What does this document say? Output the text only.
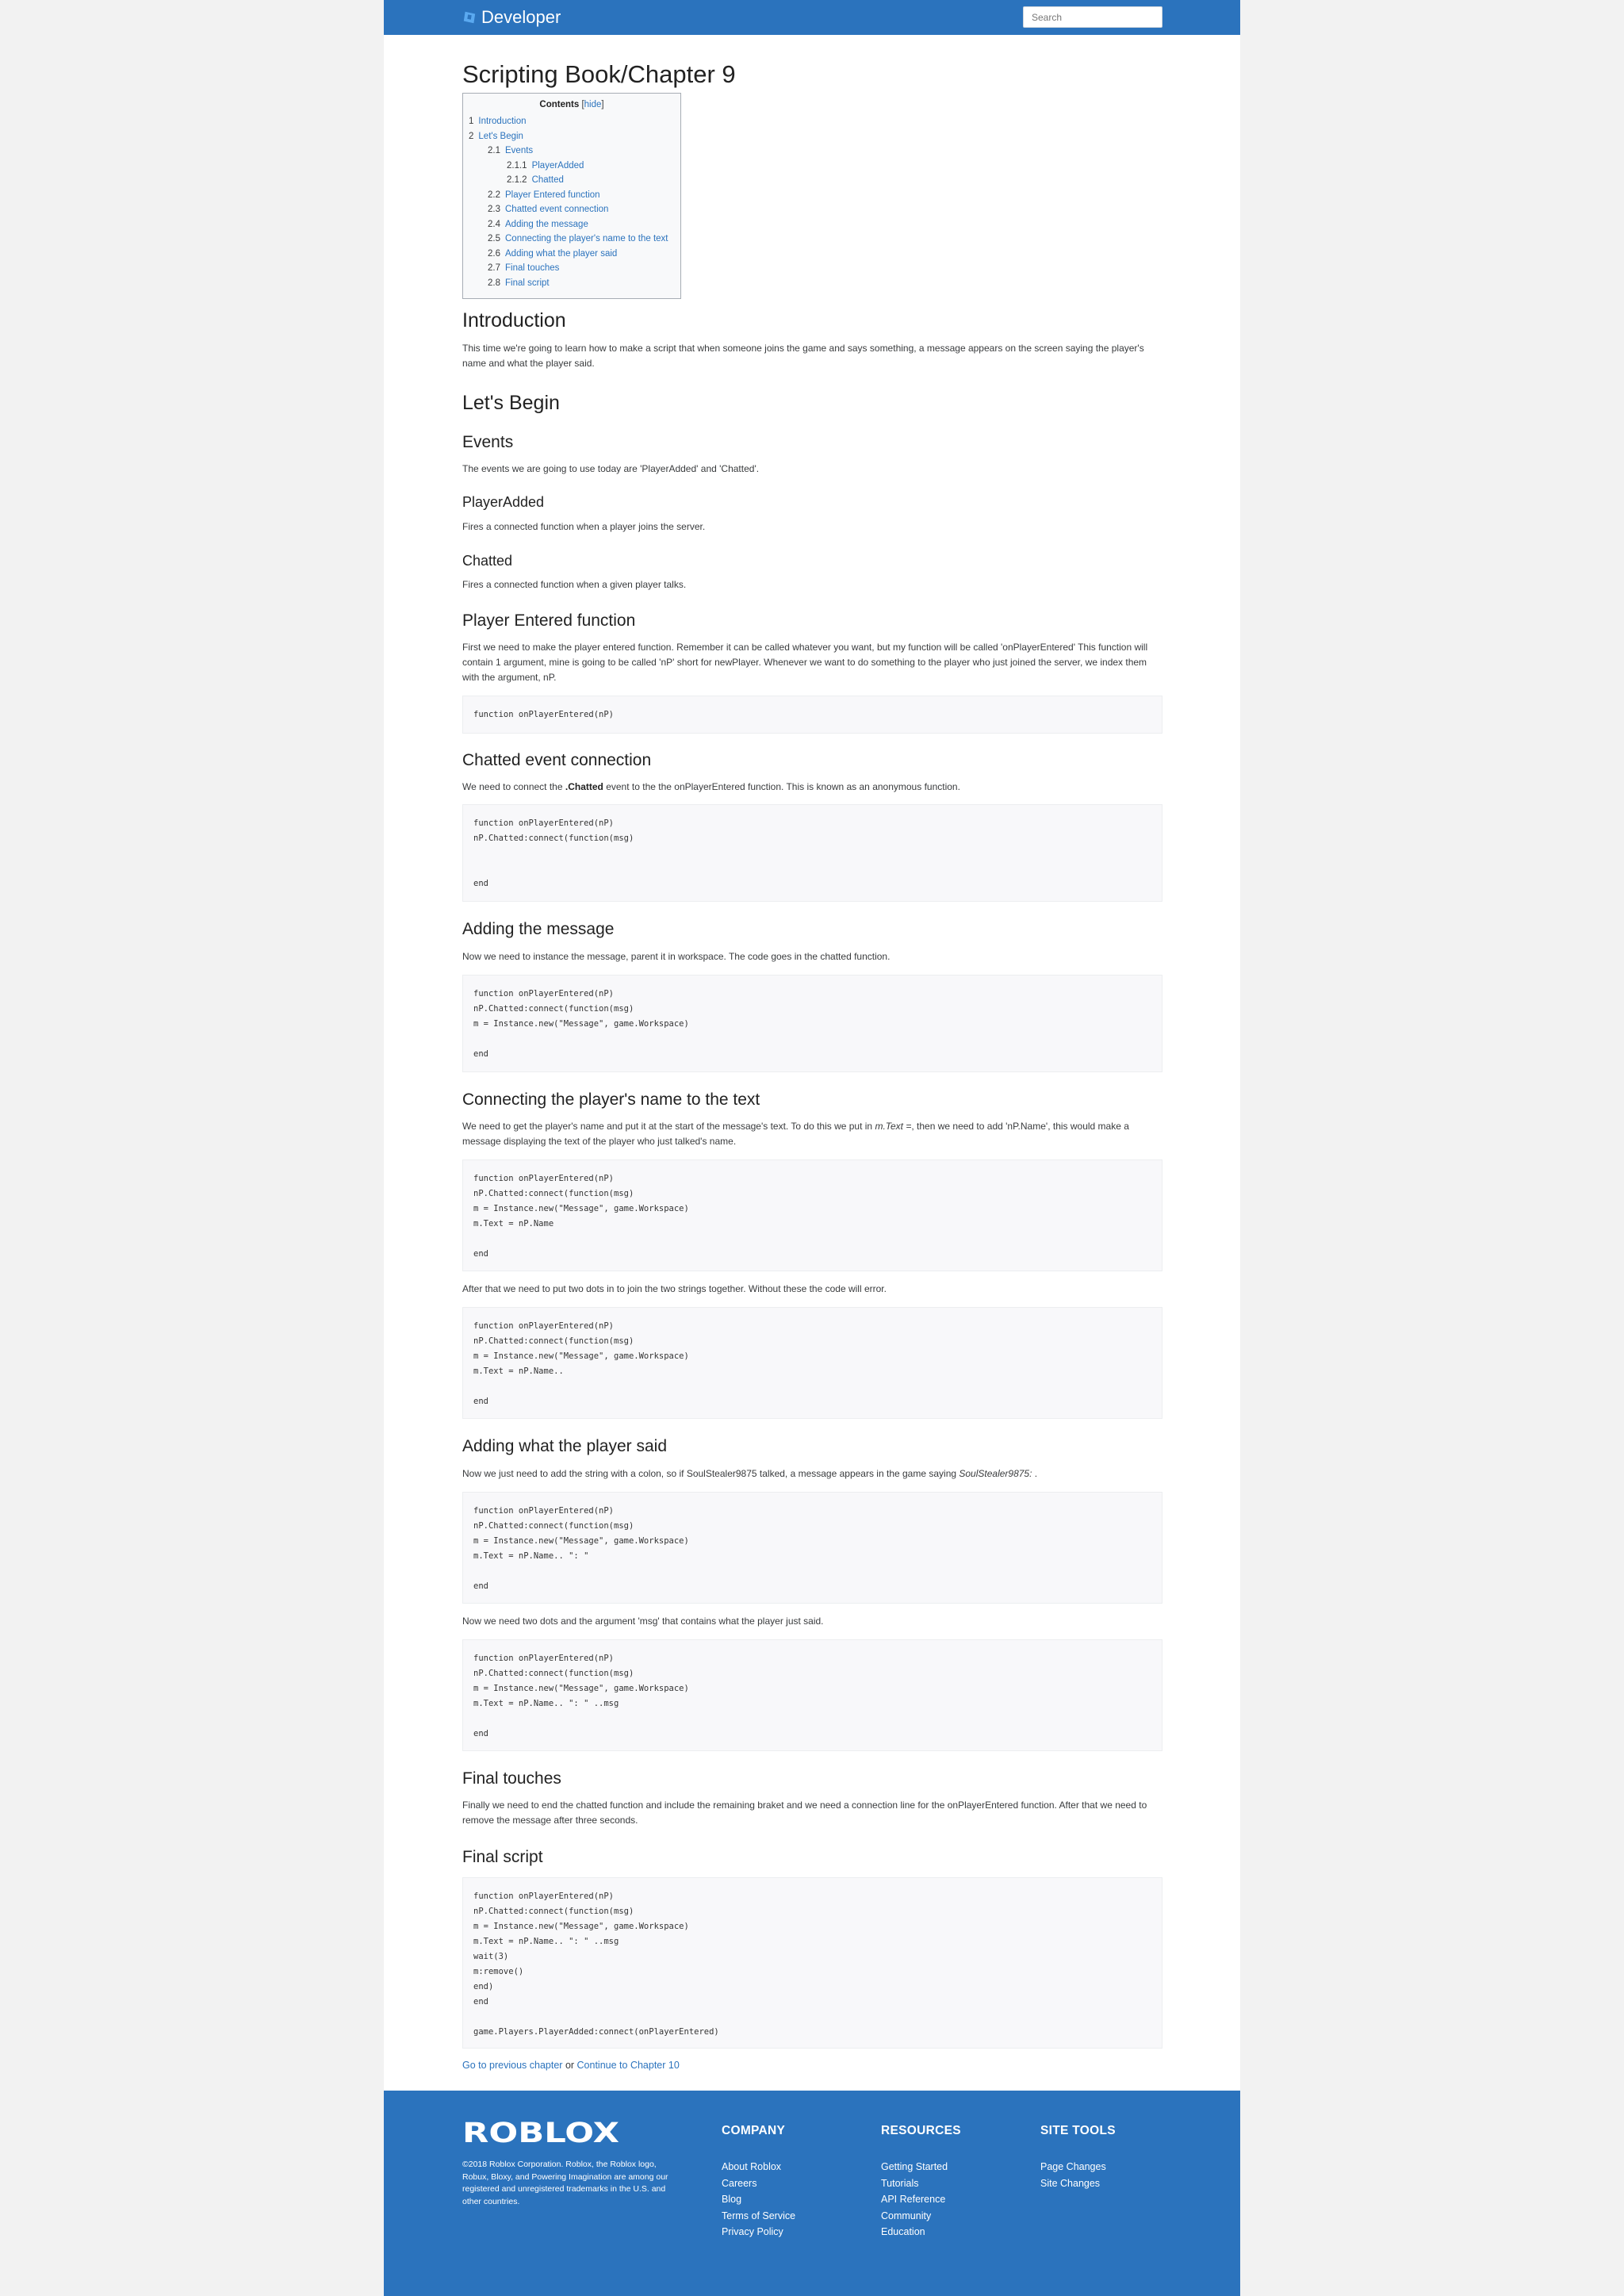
Developer
Search
Scripting Book/Chapter 9
Contents [hide]
1 Introduction
2 Let's Begin
2.1 Events
2.1.1 PlayerAdded
2.1.2 Chatted
2.2 Player Entered function
2.3 Chatted event connection
2.4 Adding the message
2.5 Connecting the player's name to the text
2.6 Adding what the player said
2.7 Final touches
2.8 Final script
Introduction

This time we're going to learn how to make a script that when someone joins the game and says something, a message appears on the screen saying the player's name and what the player said.

Let's Begin
Events

The events we are going to use today are 'PlayerAdded' and 'Chatted'.

PlayerAdded

Fires a connected function when a player joins the server.

Chatted

Fires a connected function when a given player talks.

Player Entered function

First we need to make the player entered function. Remember it can be called whatever you want, but my function will be called 'onPlayerEntered' This function will contain 1 argument, mine is going to be called 'nP' short for newPlayer. Whenever we want to do something to the player who just joined the server, we index them with the argument, nP.

function onPlayerEntered(nP)
Chatted event connection

We need to connect the .Chatted event to the the onPlayerEntered function. This is known as an anonymous function.

function onPlayerEntered(nP)
nP.Chatted:connect(function(msg)

end
Adding the message

Now we need to instance the message, parent it in workspace. The code goes in the chatted function.

function onPlayerEntered(nP)
nP.Chatted:connect(function(msg)
m = Instance.new("Message", game.Workspace)

end
Connecting the player's name to the text

We need to get the player's name and put it at the start of the message's text. To do this we put in m.Text =, then we need to add 'nP.Name', this would make a message displaying the text of the player who just talked's name.

function onPlayerEntered(nP)
nP.Chatted:connect(function(msg)
m = Instance.new("Message", game.Workspace)
m.Text = nP.Name

end

After that we need to put two dots in to join the two strings together. Without these the code will error.

function onPlayerEntered(nP)
nP.Chatted:connect(function(msg)
m = Instance.new("Message", game.Workspace)
m.Text = nP.Name..

end
Adding what the player said

Now we just need to add the string with a colon, so if SoulStealer9875 talked, a message appears in the game saying SoulStealer9875: .

function onPlayerEntered(nP)
nP.Chatted:connect(function(msg)
m = Instance.new("Message", game.Workspace)
m.Text = nP.Name.. ": "

end

Now we need two dots and the argument 'msg' that contains what the player just said.

function onPlayerEntered(nP)
nP.Chatted:connect(function(msg)
m = Instance.new("Message", game.Workspace)
m.Text = nP.Name.. ": " ..msg

end
Final touches

Finally we need to end the chatted function and include the remaining braket and we need a connection line for the onPlayerEntered function. After that we need to remove the message after three seconds.

Final script
function onPlayerEntered(nP)
nP.Chatted:connect(function(msg)
m = Instance.new("Message", game.Workspace)
m.Text = nP.Name.. ": " ..msg
wait(3)
m:remove()
end)
end

game.Players.PlayerAdded:connect(onPlayerEntered)
Go to previous chapter or Continue to Chapter 10
ROBLOX

©2018 Roblox Corporation. Roblox, the Roblox logo, Robux, Bloxy, and Powering Imagination are among our registered and unregistered trademarks in the U.S. and other countries.

COMPANY

About Roblox
Careers
Blog
Terms of Service
Privacy Policy

RESOURCES

Getting Started
Tutorials
API Reference
Community
Education

SITE TOOLS

Page Changes
Site Changes
